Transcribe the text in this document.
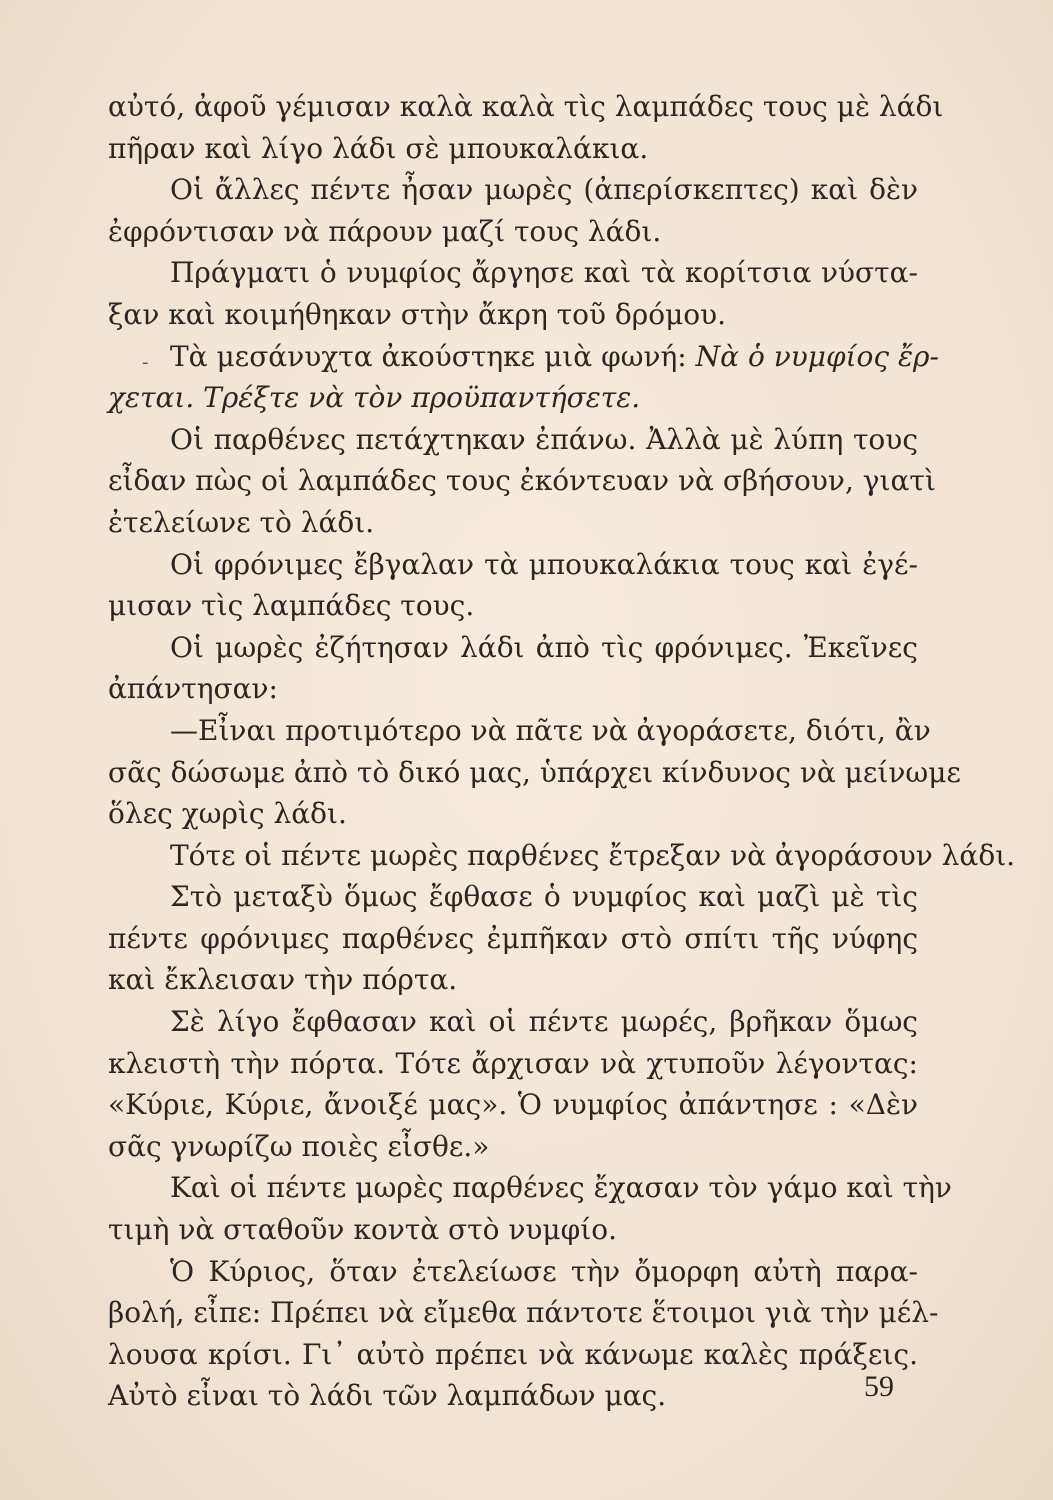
-
αὐτό, ἀφοῦ γέμισαν καλὰ καλὰ τὶς λαμπάδες τους μὲ λάδι
πῆραν καὶ λίγο λάδι σὲ μπουκαλάκια.
Οἱ ἄλλες πέντε ἦσαν μωρὲς (ἀπερίσκεπτες) καὶ δὲν
ἐφρόντισαν νὰ πάρουν μαζί τους λάδι.
Πράγματι ὁ νυμφίος ἄργησε καὶ τὰ κορίτσια νύστα-
ξαν καὶ κοιμήθηκαν στὴν ἄκρη τοῦ δρόμου.
Τὰ μεσάνυχτα ἀκούστηκε μιὰ φωνή: Νὰ ὁ νυμφίος ἔρ-
χεται. Τρέξτε νὰ τὸν προϋπαντήσετε.
Οἱ παρθένες πετάχτηκαν ἐπάνω. Ἀλλὰ μὲ λύπη τους
εἶδαν πὼς οἱ λαμπάδες τους ἐκόντευαν νὰ σβήσουν, γιατὶ
ἐτελείωνε τὸ λάδι.
Οἱ φρόνιμες ἔβγαλαν τὰ μπουκαλάκια τους καὶ ἐγέ-
μισαν τὶς λαμπάδες τους.
Οἱ μωρὲς ἐζήτησαν λάδι ἀπὸ τὶς φρόνιμες. Ἐκεῖνες
ἀπάντησαν:
—Εἶναι προτιμότερο νὰ πᾶτε νὰ ἀγοράσετε, διότι, ἂν
σᾶς δώσωμε ἀπὸ τὸ δικό μας, ὑπάρχει κίνδυνος νὰ μείνωμε
ὅλες χωρὶς λάδι.
Τότε οἱ πέντε μωρὲς παρθένες ἔτρεξαν νὰ ἀγοράσουν λάδι.
Στὸ μεταξὺ ὅμως ἔφθασε ὁ νυμφίος καὶ μαζὶ μὲ τὶς
πέντε φρόνιμες παρθένες ἐμπῆκαν στὸ σπίτι τῆς νύφης
καὶ ἔκλεισαν τὴν πόρτα.
Σὲ λίγο ἔφθασαν καὶ οἱ πέντε μωρές, βρῆκαν ὅμως
κλειστὴ τὴν πόρτα. Τότε ἄρχισαν νὰ χτυποῦν λέγοντας:
«Κύριε, Κύριε, ἄνοιξέ μας». Ὁ νυμφίος ἀπάντησε : «Δὲν
σᾶς γνωρίζω ποιὲς εἶσθε.»
Καὶ οἱ πέντε μωρὲς παρθένες ἔχασαν τὸν γάμο καὶ τὴν
τιμὴ νὰ σταθοῦν κοντὰ στὸ νυμφίο.
Ὁ Κύριος, ὅταν ἐτελείωσε τὴν ὄμορφη αὐτὴ παρα-
βολή, εἶπε: Πρέπει νὰ εἴμεθα πάντοτε ἕτοιμοι γιὰ τὴν μέλ-
λουσα κρίσι. Γι᾽ αὐτὸ πρέπει νὰ κάνωμε καλὲς πράξεις.
Αὐτὸ εἶναι τὸ λάδι τῶν λαμπάδων μας.	59
